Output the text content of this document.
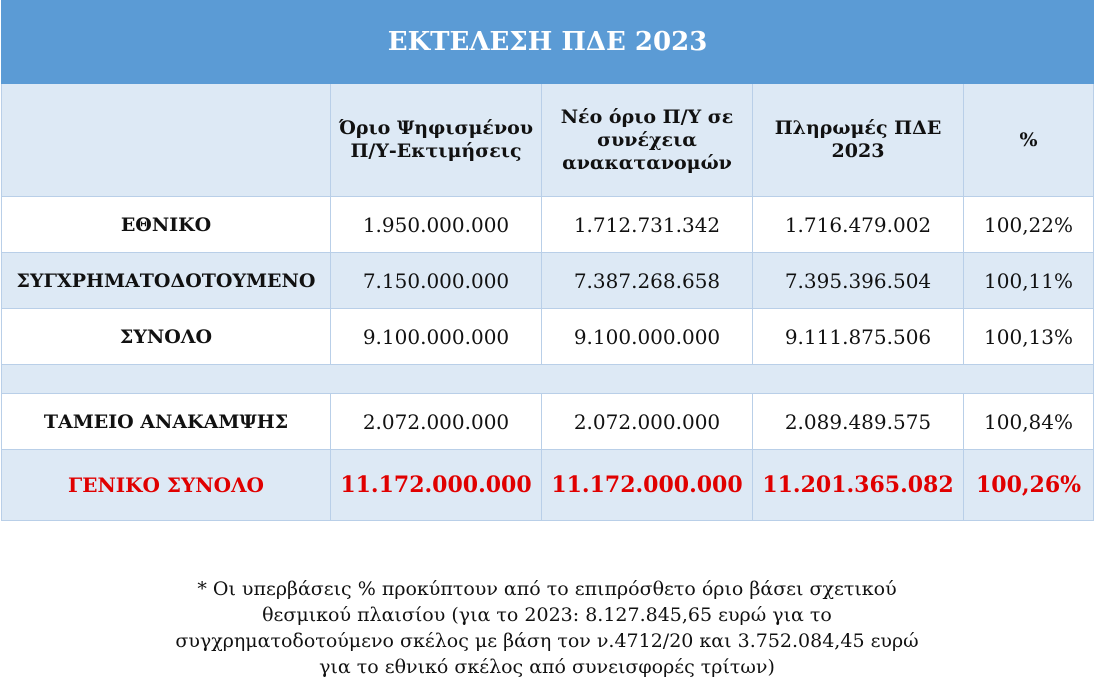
ΕΚΤΕΛΕΣΗ ΠΔΕ 2023				
	Όριο Ψηφισμένου Π/Υ-Εκτιμήσεις	Νέο όριο Π/Υ σε συνέχεια ανακατανομών	Πληρωμές ΠΔΕ 2023	%
ΕΘΝΙΚΟ	1.950.000.000	1.712.731.342	1.716.479.002	100,22%
ΣΥΓΧΡΗΜΑΤΟΔΟΤΟΥΜΕΝΟ	7.150.000.000	7.387.268.658	7.395.396.504	100,11%
ΣΥΝΟΛΟ	9.100.000.000	9.100.000.000	9.111.875.506	100,13%

ΤΑΜΕΙΟ ΑΝΑΚΑΜΨΗΣ	2.072.000.000	2.072.000.000	2.089.489.575	100,84%
ΓΕΝΙΚΟ ΣΥΝΟΛΟ	11.172.000.000	11.172.000.000	11.201.365.082	100,26%
* Οι υπερβάσεις % προκύπτουν από το επιπρόσθετο όριο βάσει σχετικού
θεσμικού πλαισίου (για το 2023: 8.127.845,65 ευρώ για το
συγχρηματοδοτούμενο σκέλος με βάση τον ν.4712/20 και 3.752.084,45 ευρώ
για το εθνικό σκέλος από συνεισφορές τρίτων)
